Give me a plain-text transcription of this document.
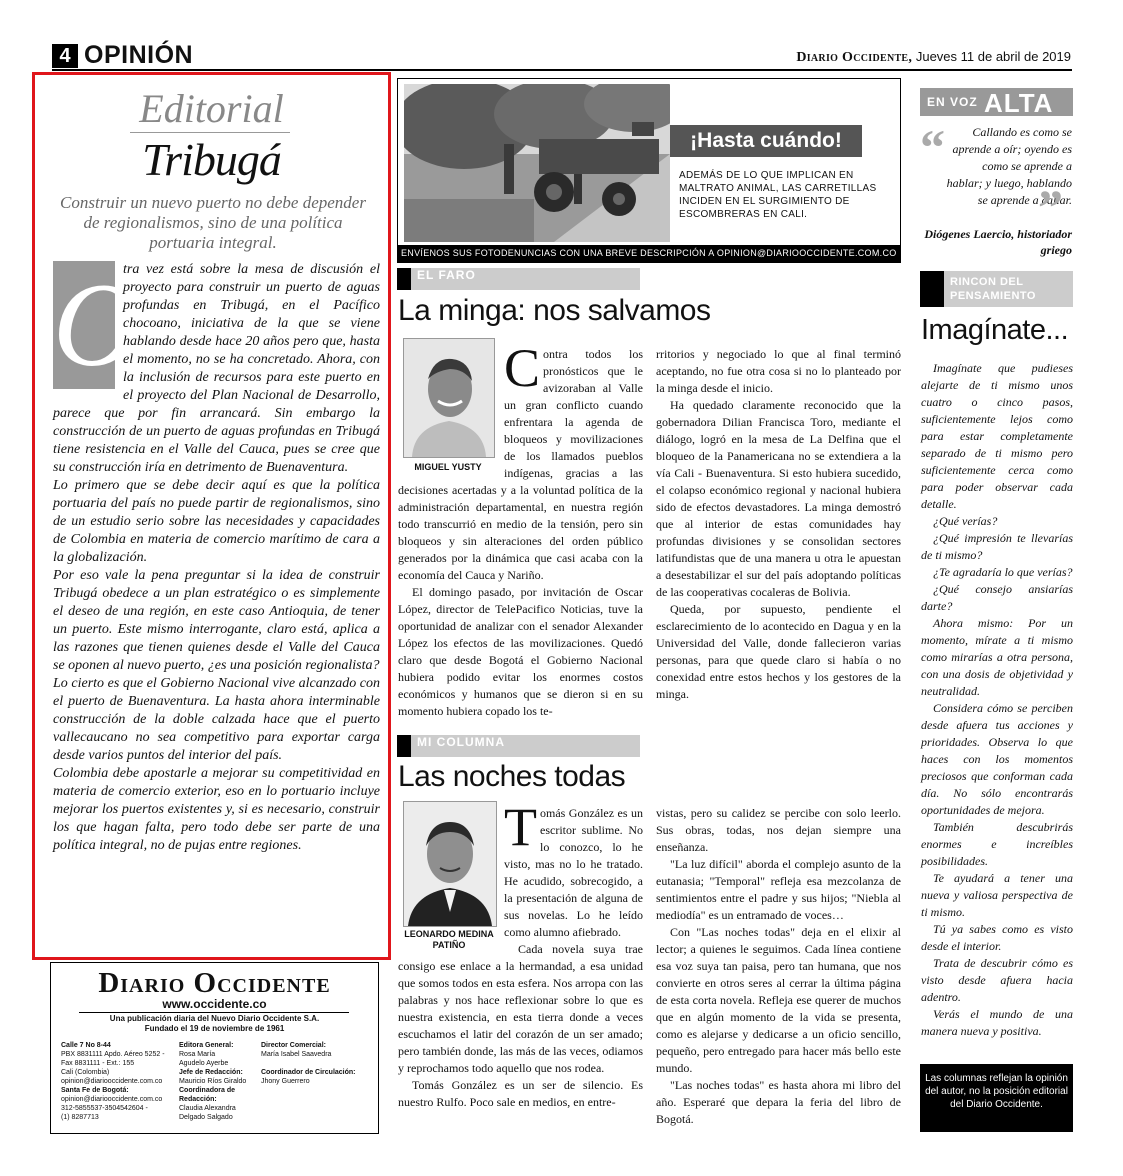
4 OPINIÓN	Diario Occidente, Jueves 11 de abril de 2019
Editorial
Tribugá
Construir un nuevo puerto no debe depender de regionalismos, sino de una política portuaria integral.
O

tra vez está sobre la mesa de discusión el proyecto para construir un puerto de aguas profundas en Tribugá, en el Pacífico chocoano, iniciativa de la que se viene hablando desde hace 20 años pero que, hasta el momento, no se ha concretado. Ahora, con la inclusión de recursos para este puerto en el proyecto del Plan Nacional de Desarrollo, parece que por fin arrancará. Sin embargo la construcción de un puerto de aguas profundas en Tribugá tiene resistencia en el Valle del Cauca, pues se cree que su construcción iría en detrimento de Buenaventura.

Lo primero que se debe decir aquí es que la política portuaria del país no puede partir de regionalismos, sino de un estudio serio sobre las necesidades y capacidades de Colombia en materia de comercio marítimo de cara a la globalización.

Por eso vale la pena preguntar si la idea de construir Tribugá obedece a un plan estratégico o es simplemente el deseo de una región, en este caso Antioquia, de tener un puerto. Este mismo interrogante, claro está, aplica a las razones que tienen quienes desde el Valle del Cauca se oponen al nuevo puerto, ¿es una posición regionalista?

Lo cierto es que el Gobierno Nacional vive alcanzado con el puerto de Buenaventura. La hasta ahora interminable construcción de la doble calzada hace que el puerto vallecaucano no sea competitivo para exportar carga desde varios puntos del interior del país.

Colombia debe apostarle a mejorar su competitividad en materia de comercio exterior, eso en lo portuario incluye mejorar los puertos existentes y, si es necesario, construir los que hagan falta, pero todo debe ser parte de una política integral, no de pujas entre regiones.

Diario Occidente
www.occidente.co
Una publicación diaria del Nuevo Diario Occidente S.A.
Fundado el 19 de noviembre de 1961
Calle 7 No 8-44
PBX 8831111 Apdo. Aéreo 5252 -
Fax 8831111 - Ext.: 155
Cali (Colombia)
opinion@diariooccidente.com.co
Santa Fe de Bogotá:
opinion@diariooccidente.com.co
312-5855537-3504542604 -
(1) 8287713
Editora General:
Rosa María
Agudelo Ayerbe
Jefe de Redacción:
Mauricio Ríos Giraldo
Coordinadora de
Redacción:
Claudia Alexandra
Delgado Salgado
Director Comercial:
María Isabel Saavedra
Coordinador de Circulación:
Jhony Guerrero
¡Hasta cuándo!
ADEMÁS DE LO QUE IMPLICAN EN MALTRATO ANIMAL, LAS CARRETILLAS INCIDEN EN EL SURGIMIENTO DE ESCOMBRERAS EN CALI.
ENVÍENOS SUS FOTODENUNCIAS CON UNA BREVE DESCRIPCIÓN A OPINION@DIARIOOCCIDENTE.COM.CO
EL FARO
La minga: nos salvamos
MIGUEL YUSTY

Contra todos los pronósticos que le avizoraban al Valle un gran conflicto cuando enfrentara la agenda de bloqueos y movilizaciones de los llamados pueblos indígenas, gracias a las decisiones acertadas y a la voluntad política de la administración departamental, en nuestra región todo transcurrió en medio de la tensión, pero sin bloqueos y sin alteraciones del orden público generados por la dinámica que casi acaba con la economía del Cauca y Nariño.

El domingo pasado, por invitación de Oscar López, director de TelePacifico Noticias, tuve la oportunidad de analizar con el senador Alexander López los efectos de las movilizaciones. Quedó claro que desde Bogotá el Gobierno Nacional hubiera podido evitar los enormes costos económicos y humanos que se dieron si en su momento hubiera copado los te-

rritorios y negociado lo que al final terminó aceptando, no fue otra cosa si no lo planteado por la minga desde el inicio.

Ha quedado claramente reconocido que la gobernadora Dilian Francisca Toro, mediante el diálogo, logró en la mesa de La Delfina que el bloqueo de la Panamericana no se extendiera a la vía Cali - Buenaventura. Si esto hubiera sucedido, el colapso económico regional y nacional hubiera sido de efectos devastadores. La minga demostró que al interior de estas comunidades hay profundas divisiones y se consolidan sectores latifundistas que de una manera u otra le apuestan a desestabilizar el sur del país adoptando políticas de las cooperativas cocaleras de Bolivia.

Queda, por supuesto, pendiente el esclarecimiento de lo acontecido en Dagua y en la Universidad del Valle, donde fallecieron varias personas, para que quede claro si había o no conexidad entre estos hechos y los gestores de la minga.

MI COLUMNA
Las noches todas
LEONARDO MEDINA PATIÑO

Tomás González es un escritor sublime. No lo conozco, lo he visto, mas no lo he tratado. He acudido, sobrecogido, a la presentación de alguna de sus novelas. Lo he leído como alumno afiebrado.

Cada novela suya trae consigo ese enlace a la hermandad, a esa unidad que somos todos en esta esfera. Nos arropa con las palabras y nos hace reflexionar sobre lo que es nuestra existencia, en esta tierra donde a veces escuchamos el latir del corazón de un ser amado; pero también donde, las más de las veces, odiamos y reprochamos todo aquello que nos rodea.

Tomás González es un ser de silencio. Es nuestro Rulfo. Poco sale en medios, en entre-

vistas, pero su calidez se percibe con solo leerlo. Sus obras, todas, nos dejan siempre una enseñanza.

"La luz difícil" aborda el complejo asunto de la eutanasia; "Temporal" refleja esa mezcolanza de sentimientos entre el padre y sus hijos; "Niebla al mediodía" es un entramado de voces…

Con "Las noches todas" deja en el elixir al lector; a quienes le seguimos. Cada línea contiene esa voz suya tan paisa, pero tan humana, que nos convierte en otros seres al cerrar la última página de esta corta novela. Refleja ese querer de muchos que en algún momento de la vida se presenta, como es alejarse y dedicarse a un oficio sencillo, pequeño, pero entregado para hacer más bello este mundo.

"Las noches todas" es hasta ahora mi libro del año. Esperaré que depara la feria del libro de Bogotá.

EN VOZ ALTA
“	Callando es como se aprende a oír; oyendo es como se aprende a hablar; y luego, hablando se aprende a callar.
”
Diógenes Laercio, historiador griego
RINCON DEL PENSAMIENTO
Imagínate...

Imagínate que pudieses alejarte de ti mismo unos cuatro o cinco pasos, suficientemente lejos como para estar completamente separado de ti mismo pero suficientemente cerca como para poder observar cada detalle.

¿Qué verías?

¿Qué impresión te llevarías de ti mismo?

¿Te agradaría lo que verías?

¿Qué consejo ansiarías darte?

Ahora mismo: Por un momento, mírate a ti mismo como mirarías a otra persona, con una dosis de objetividad y neutralidad.

Considera cómo se perciben desde afuera tus acciones y prioridades. Observa lo que haces con los momentos preciosos que conforman cada día. No sólo encontrarás oportunidades de mejora.

También descubrirás enormes e increíbles posibilidades.

Te ayudará a tener una nueva y valiosa perspectiva de ti mismo.

Tú ya sabes como es visto desde el interior.

Trata de descubrir cómo es visto desde afuera hacia adentro.

Verás el mundo de una manera nueva y positiva.

Las columnas reflejan la opinión del autor, no la posición editorial del Diario Occidente.
